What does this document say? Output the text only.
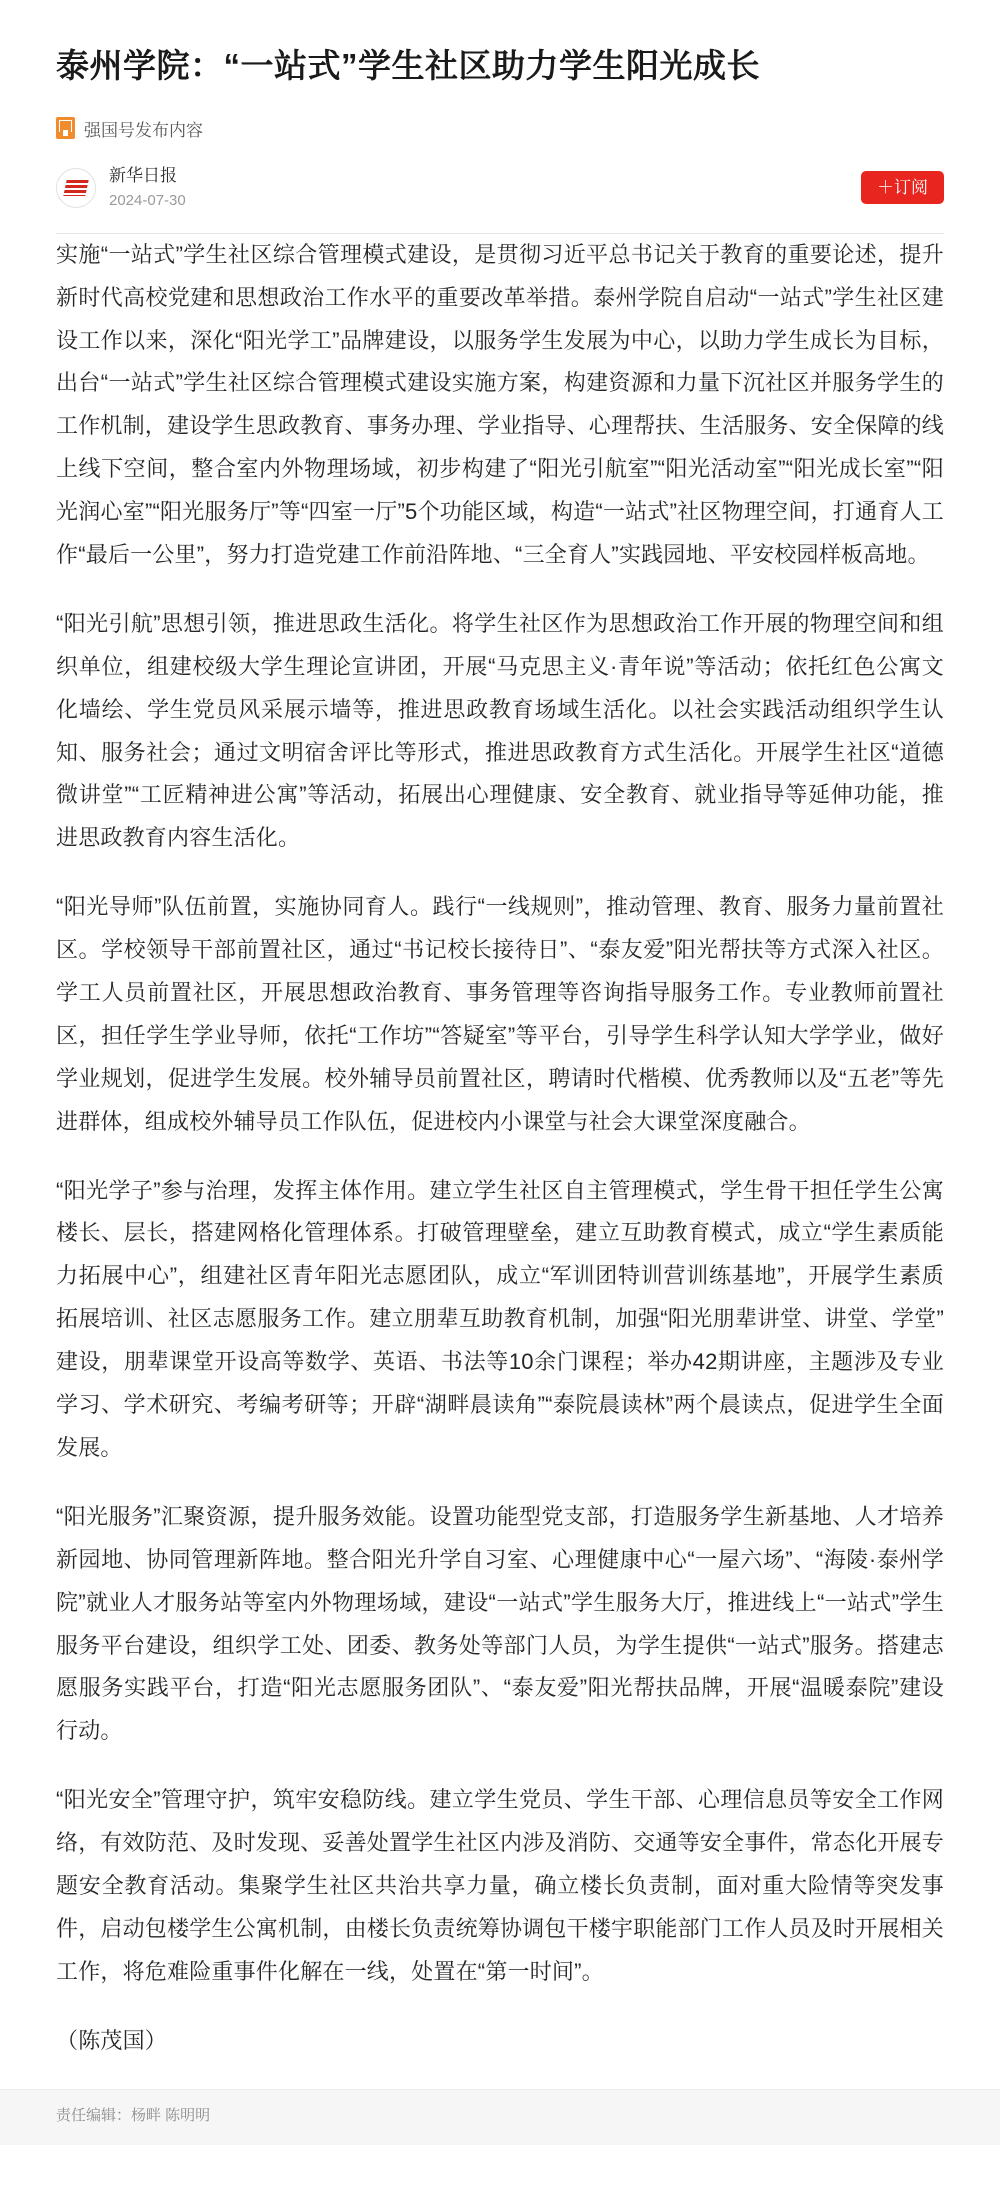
泰州学院：“一站式”学生社区助力学生阳光成长
强国号发布内容
新华日报
2024-07-30
＋订阅

实施“一站式”学生社区综合管理模式建设，是贯彻习近平总书记关于教育的重要论述，提升新时代高校党建和思想政治工作水平的重要改革举措。泰州学院自启动“一站式”学生社区建设工作以来，深化“阳光学工”品牌建设，以服务学生发展为中心，以助力学生成长为目标，出台“一站式”学生社区综合管理模式建设实施方案，构建资源和力量下沉社区并服务学生的工作机制，建设学生思政教育、事务办理、学业指导、心理帮扶、生活服务、安全保障的线上线下空间，整合室内外物理场域，初步构建了“阳光引航室”“阳光活动室”“阳光成长室”“阳光润心室”“阳光服务厅”等“四室一厅”5个功能区域，构造“一站式”社区物理空间，打通育人工作“最后一公里”，努力打造党建工作前沿阵地、“三全育人”实践园地、平安校园样板高地。

“阳光引航”思想引领，推进思政生活化。将学生社区作为思想政治工作开展的物理空间和组织单位，组建校级大学生理论宣讲团，开展“马克思主义·青年说”等活动；依托红色公寓文化墙绘、学生党员风采展示墙等，推进思政教育场域生活化。以社会实践活动组织学生认知、服务社会；通过文明宿舍评比等形式，推进思政教育方式生活化。开展学生社区“道德微讲堂”“工匠精神进公寓”等活动，拓展出心理健康、安全教育、就业指导等延伸功能，推进思政教育内容生活化。

“阳光导师”队伍前置，实施协同育人。践行“一线规则”，推动管理、教育、服务力量前置社区。学校领导干部前置社区，通过“书记校长接待日”、“泰友爱”阳光帮扶等方式深入社区。学工人员前置社区，开展思想政治教育、事务管理等咨询指导服务工作。专业教师前置社区，担任学生学业导师，依托“工作坊”“答疑室”等平台，引导学生科学认知大学学业，做好学业规划，促进学生发展。校外辅导员前置社区，聘请时代楷模、优秀教师以及“五老”等先进群体，组成校外辅导员工作队伍，促进校内小课堂与社会大课堂深度融合。

“阳光学子”参与治理，发挥主体作用。建立学生社区自主管理模式，学生骨干担任学生公寓楼长、层长，搭建网格化管理体系。打破管理壁垒，建立互助教育模式，成立“学生素质能力拓展中心”，组建社区青年阳光志愿团队，成立“军训团特训营训练基地”，开展学生素质拓展培训、社区志愿服务工作。建立朋辈互助教育机制，加强“阳光朋辈讲堂、讲堂、学堂”建设，朋辈课堂开设高等数学、英语、书法等10余门课程；举办42期讲座，主题涉及专业学习、学术研究、考编考研等；开辟“湖畔晨读角”“泰院晨读林”两个晨读点，促进学生全面发展。

“阳光服务”汇聚资源，提升服务效能。设置功能型党支部，打造服务学生新基地、人才培养新园地、协同管理新阵地。整合阳光升学自习室、心理健康中心“一屋六场”、“海陵·泰州学院”就业人才服务站等室内外物理场域，建设“一站式”学生服务大厅，推进线上“一站式”学生服务平台建设，组织学工处、团委、教务处等部门人员，为学生提供“一站式”服务。搭建志愿服务实践平台，打造“阳光志愿服务团队”、“泰友爱”阳光帮扶品牌，开展“温暖泰院”建设行动。

“阳光安全”管理守护，筑牢安稳防线。建立学生党员、学生干部、心理信息员等安全工作网络，有效防范、及时发现、妥善处置学生社区内涉及消防、交通等安全事件，常态化开展专题安全教育活动。集聚学生社区共治共享力量，确立楼长负责制，面对重大险情等突发事件，启动包楼学生公寓机制，由楼长负责统筹协调包干楼宇职能部门工作人员及时开展相关工作，将危难险重事件化解在一线，处置在“第一时间”。

（陈茂国）

责任编辑：杨畔 陈明明
